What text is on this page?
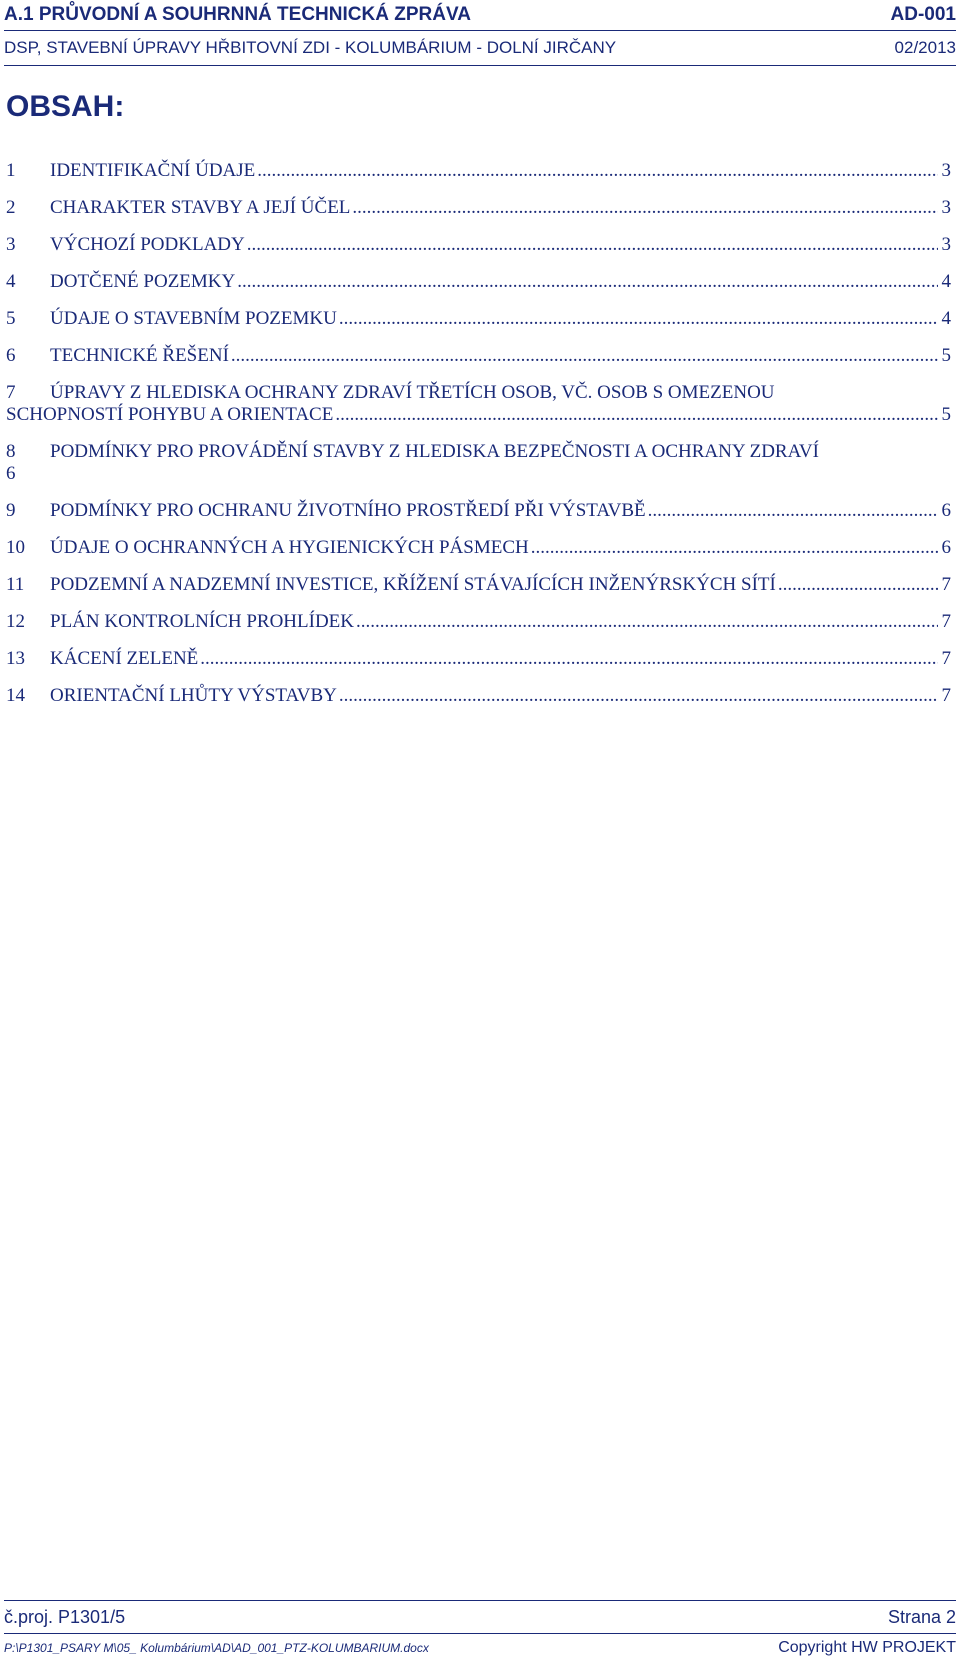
A.1 PRŮVODNÍ A SOUHRNNÁ TECHNICKÁ ZPRÁVA	AD-001
DSP, STAVEBNÍ ÚPRAVY HŘBITOVNÍ ZDI - KOLUMBÁRIUM - DOLNÍ JIRČANY	02/2013
OBSAH:
1	IDENTIFIKAČNÍ ÚDAJE .....	3
2	CHARAKTER STAVBY A JEJÍ ÚČEL .....	3
3	VÝCHOZÍ PODKLADY .....	3
4	DOTČENÉ POZEMKY .....	4
5	ÚDAJE O STAVEBNÍM POZEMKU .....	4
6	TECHNICKÉ ŘEŠENÍ .....	5
7	ÚPRAVY Z HLEDISKA OCHRANY ZDRAVÍ TŘETÍCH OSOB, VČ. OSOB S OMEZENOU
SCHOPNOSTÍ POHYBU A ORIENTACE .....	5
8	PODMÍNKY PRO PROVÁDĚNÍ STAVBY Z HLEDISKA BEZPEČNOSTI A OCHRANY ZDRAVÍ
6
9	PODMÍNKY PRO OCHRANU ŽIVOTNÍHO PROSTŘEDÍ PŘI VÝSTAVBĚ .....	6
10	ÚDAJE O OCHRANNÝCH A HYGIENICKÝCH PÁSMECH .....	6
11	PODZEMNÍ A NADZEMNÍ INVESTICE, KŘÍŽENÍ STÁVAJÍCÍCH INŽENÝRSKÝCH SÍTÍ .....	7
12	PLÁN KONTROLNÍCH PROHLÍDEK .....	7
13	KÁCENÍ ZELENĚ .....	7
14	ORIENTAČNÍ LHŮTY VÝSTAVBY .....	7
č.proj. P1301/5	Strana 2
P:\P1301_PSARY M\05_ Kolumbárium\AD\AD_001_PTZ-KOLUMBARIUM.docx	Copyright HW PROJEKT
